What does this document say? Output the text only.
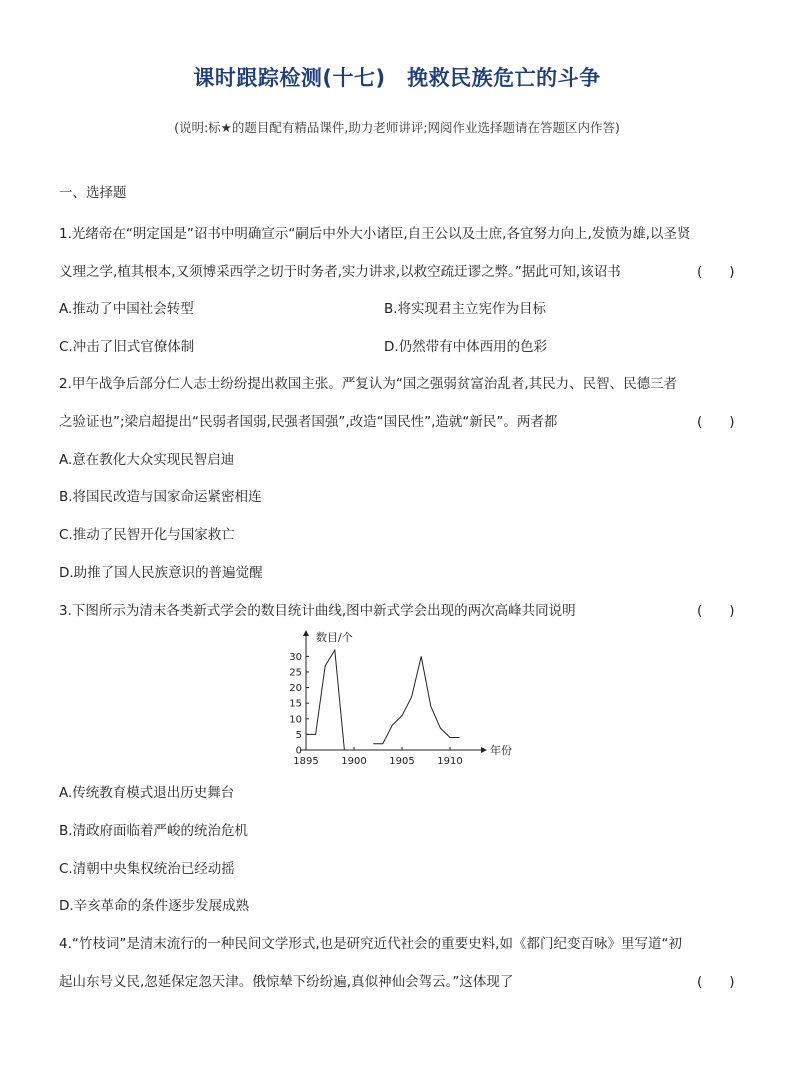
课时跟踪检测(十七)　挽救民族危亡的斗争
(说明:标★的题目配有精品课件,助力老师讲评;网阅作业选择题请在答题区内作答)
一、选择题
1.光绪帝在“明定国是”诏书中明确宣示“嗣后中外大小诸臣,自王公以及士庶,各宜努力向上,发愤为雄,以圣贤
义理之学,植其根本,又须博采西学之切于时务者,实力讲求,以救空疏迂谬之弊。”据此可知,该诏书	(　　)
A.推动了中国社会转型	B.将实现君主立宪作为目标
C.冲击了旧式官僚体制	D.仍然带有中体西用的色彩
2.甲午战争后部分仁人志士纷纷提出救国主张。严复认为“国之强弱贫富治乱者,其民力、民智、民德三者
之验证也”;梁启超提出“民弱者国弱,民强者国强”,改造“国民性”,造就“新民”。两者都	(　　)
A.意在教化大众实现民智启迪
B.将国民改造与国家命运紧密相连
C.推动了民智开化与国家救亡
D.助推了国人民族意识的普遍觉醒
3.下图所示为清末各类新式学会的数目统计曲线,图中新式学会出现的两次高峰共同说明	(　　)
数目/个
年份
0
5
10
15
20
25
30
1895 1900 1905 1910
A.传统教育模式退出历史舞台
B.清政府面临着严峻的统治危机
C.清朝中央集权统治已经动摇
D.辛亥革命的条件逐步发展成熟
4.“竹枝词”是清末流行的一种民间文学形式,也是研究近代社会的重要史料,如《都门纪变百咏》里写道“初
起山东号义民,忽延保定忽天津。俄惊辇下纷纷遍,真似神仙会驾云。”这体现了	(　　)
